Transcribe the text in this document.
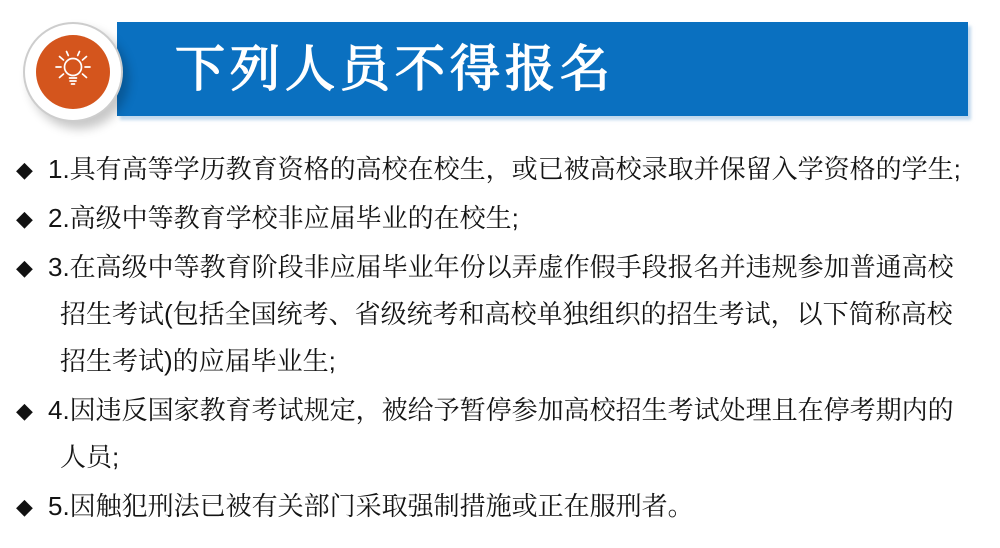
下列人员不得报名
◆ 1.具有高等学历教育资格的高校在校生，或已被高校录取并保留入学资格的学生;
◆ 2.高级中等教育学校非应届毕业的在校生;
◆ 3.在高级中等教育阶段非应届毕业年份以弄虚作假手段报名并违规参加普通高校
招生考试(包括全国统考、省级统考和高校单独组织的招生考试，以下简称高校
招生考试)的应届毕业生;
◆ 4.因违反国家教育考试规定，被给予暂停参加高校招生考试处理且在停考期内的
人员;
◆ 5.因触犯刑法已被有关部门采取强制措施或正在服刑者。
